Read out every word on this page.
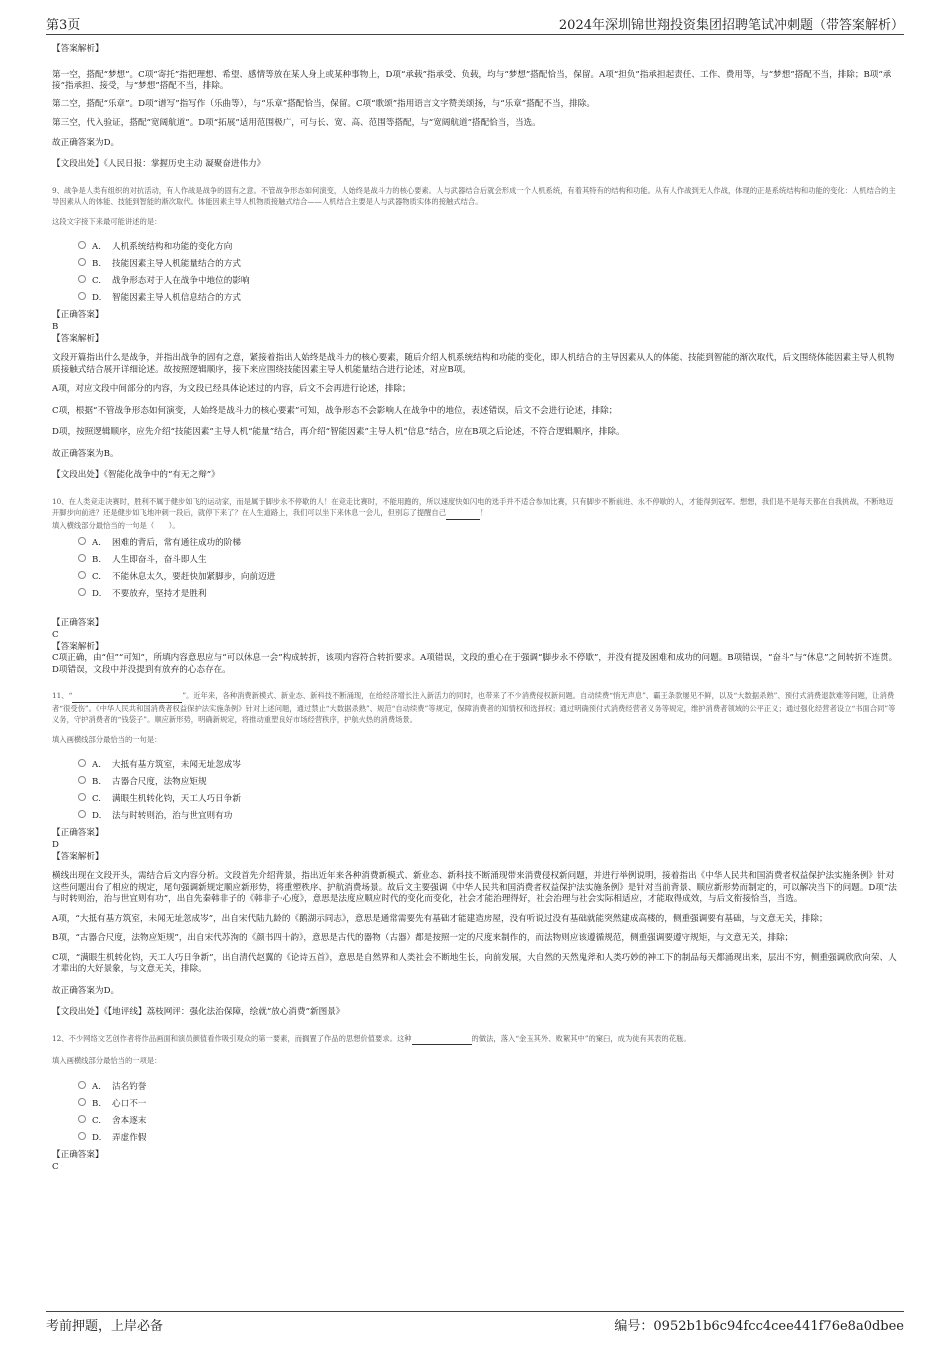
第3页	2024年深圳锦世翔投资集团招聘笔试冲刺题（带答案解析）

【答案解析】

第一空，搭配“梦想”。C项“寄托”指把理想、希望、感情等放在某人身上或某种事物上，D项“承载”指承受、负载，均与“梦想”搭配恰当，保留。A项“担负”指承担起责任、工作、费用等，与“梦想”搭配不当，排除；B项“承接”指承担、接受，与“梦想”搭配不当，排除。

第二空，搭配“乐章”。D项“谱写”指写作（乐曲等），与“乐章”搭配恰当，保留。C项“歌颂”指用语言文字赞美颂扬，与“乐章”搭配不当，排除。

第三空，代入验证，搭配“宽阔航道”。D项“拓展”适用范围极广，可与长、宽、高、范围等搭配，与“宽阔航道”搭配恰当，当选。

故正确答案为D。

【文段出处】《人民日报：掌握历史主动 凝聚奋进伟力》

9、战争是人类有组织的对抗活动，有人作战是战争的固有之意。不管战争形态如何演变，人始终是战斗力的核心要素。人与武器结合后就会形成一个人机系统，有着其特有的结构和功能。从有人作战到无人作战，体现的正是系统结构和功能的变化：人机结合的主导因素从人的体能、技能到智能的渐次取代。体能因素主导人机物质接触式结合——人机结合主要是人与武器物质实体的接触式结合。

这段文字接下来最可能讲述的是：

A. 人机系统结构和功能的变化方向
B. 技能因素主导人机能量结合的方式
C. 战争形态对于人在战争中地位的影响
D. 智能因素主导人机信息结合的方式

【正确答案】

B

【答案解析】

文段开篇指出什么是战争，并指出战争的固有之意，紧接着指出人始终是战斗力的核心要素，随后介绍人机系统结构和功能的变化，即人机结合的主导因素从人的体能、技能到智能的渐次取代，后文围绕体能因素主导人机物质接触式结合展开详细论述。故按照逻辑顺序，接下来应围绕技能因素主导人机能量结合进行论述，对应B项。

A项，对应文段中间部分的内容，为文段已经具体论述过的内容，后文不会再进行论述，排除；

C项，根据“不管战争形态如何演变，人始终是战斗力的核心要素”可知，战争形态不会影响人在战争中的地位，表述错误，后文不会进行论述，排除；

D项，按照逻辑顺序，应先介绍“技能因素”主导人机“能量”结合，再介绍“智能因素”主导人机“信息”结合，应在B项之后论述，不符合逻辑顺序，排除。

故正确答案为B。

【文段出处】《智能化战争中的“有无之辩”》

10、在人类竞走决赛时，胜利不属于健步如飞的运动家，而是属于脚步永不停歇的人！在竞走比赛时，不能用跑的，所以速度快如闪电的选手并不适合参加比赛，只有脚步不断前进、永不停歇的人，才能得到冠军。想想，我们是不是每天都在自我挑战，不断地迈开脚步向前进？还是健步如飞地冲刺一段后，就停下来了？在人生道路上，我们可以坐下来休息一会儿，但别忘了提醒自己	！

填入横线部分最恰当的一句是（　　）。

A. 困难的背后，常有通往成功的阶梯
B. 人生即奋斗，奋斗即人生
C. 不能休息太久，要赶快加紧脚步，向前迈进
D. 不要放弃，坚持才是胜利

【正确答案】

C

【答案解析】

C项正确，由“但”“可知”，所填内容意思应与“可以休息一会”构成转折，该项内容符合转折要求。A项错误，文段的重心在于强调“脚步永不停歇”，并没有提及困难和成功的问题。B项错误，“奋斗”与“休息”之间转折不连贯。D项错误，文段中并没提到有放弃的心态存在。

11、“	”。近年来，各种消费新模式、新业态、新科技不断涌现，在给经济增长注入新活力的同时，也带来了不少消费侵权新问题。自动续费“悄无声息”、霸王条款屡见不鲜，以及“大数据杀熟”、预付式消费退款难等问题，让消费者“很受伤”。《中华人民共和国消费者权益保护法实施条例》针对上述问题，通过禁止“大数据杀熟”、规范“自动续费”等规定，保障消费者的知情权和选择权；通过明确预付式消费经营者义务等规定，维护消费者领域的公平正义；通过强化经营者设立“书面合同”等义务，守护消费者的“钱袋子”。顺应新形势，明确新规定，将推动重塑良好市场经营秩序，护航火热的消费场景。

填入画横线部分最恰当的一句是：

A. 大抵有基方筑室，未闻无址忽成岑
B. 古器合尺度，法物应矩规
C. 满眼生机转化钧，天工人巧日争新
D. 法与时转则治，治与世宜则有功

【正确答案】

D

【答案解析】

横线出现在文段开头，需结合后文内容分析。文段首先介绍背景，指出近年来各种消费新模式、新业态、新科技不断涌现带来消费侵权新问题，并进行举例说明，接着指出《中华人民共和国消费者权益保护法实施条例》针对这些问题出台了相应的规定，尾句强调新规定顺应新形势，将重塑秩序、护航消费场景。故后文主要强调《中华人民共和国消费者权益保护法实施条例》是针对当前背景、顺应新形势而制定的，可以解决当下的问题。D项“法与时转则治，治与世宜则有功”，出自先秦韩非子的《韩非子·心度》，意思是法度应顺应时代的变化而变化，社会才能治理得好，社会治理与社会实际相适应，才能取得成效，与后文衔接恰当，当选。

A项，“大抵有基方筑室，未闻无址忽成岑”，出自宋代陆九龄的《鹅湖示同志》，意思是通常需要先有基础才能建造房屋，没有听说过没有基础就能突然建成高楼的，侧重强调要有基础，与文意无关，排除；

B项，“古器合尺度，法物应矩规”，出自宋代苏洵的《颜书四十韵》，意思是古代的器物（古器）都是按照一定的尺度来制作的，而法物则应该遵循规范，侧重强调要遵守规矩，与文意无关，排除；

C项，“满眼生机转化钧，天工人巧日争新”，出自清代赵翼的《论诗五首》，意思是自然界和人类社会不断地生长，向前发展，大自然的天然鬼斧和人类巧妙的神工下的制品每天都涌现出来，层出不穷，侧重强调欣欣向荣、人才辈出的大好景象，与文意无关，排除。

故正确答案为D。

【文段出处】《【地评线】荔枝网评：强化法治保障，绘就“放心消费”新图景》

12、不少网络文艺创作者将作品画面和演员颜值看作吸引观众的第一要素，而搁置了作品的思想价值要求。这种	的做法，落入“金玉其外、败絮其中”的窠臼，成为徒有其表的花瓶。

填入画横线部分最恰当的一项是：

A. 沽名钓誉
B. 心口不一
C. 舍本逐末
D. 弄虚作假

【正确答案】

C

考前押题，上岸必备	编号：0952b1b6c94fcc4cee441f76e8a0dbee
